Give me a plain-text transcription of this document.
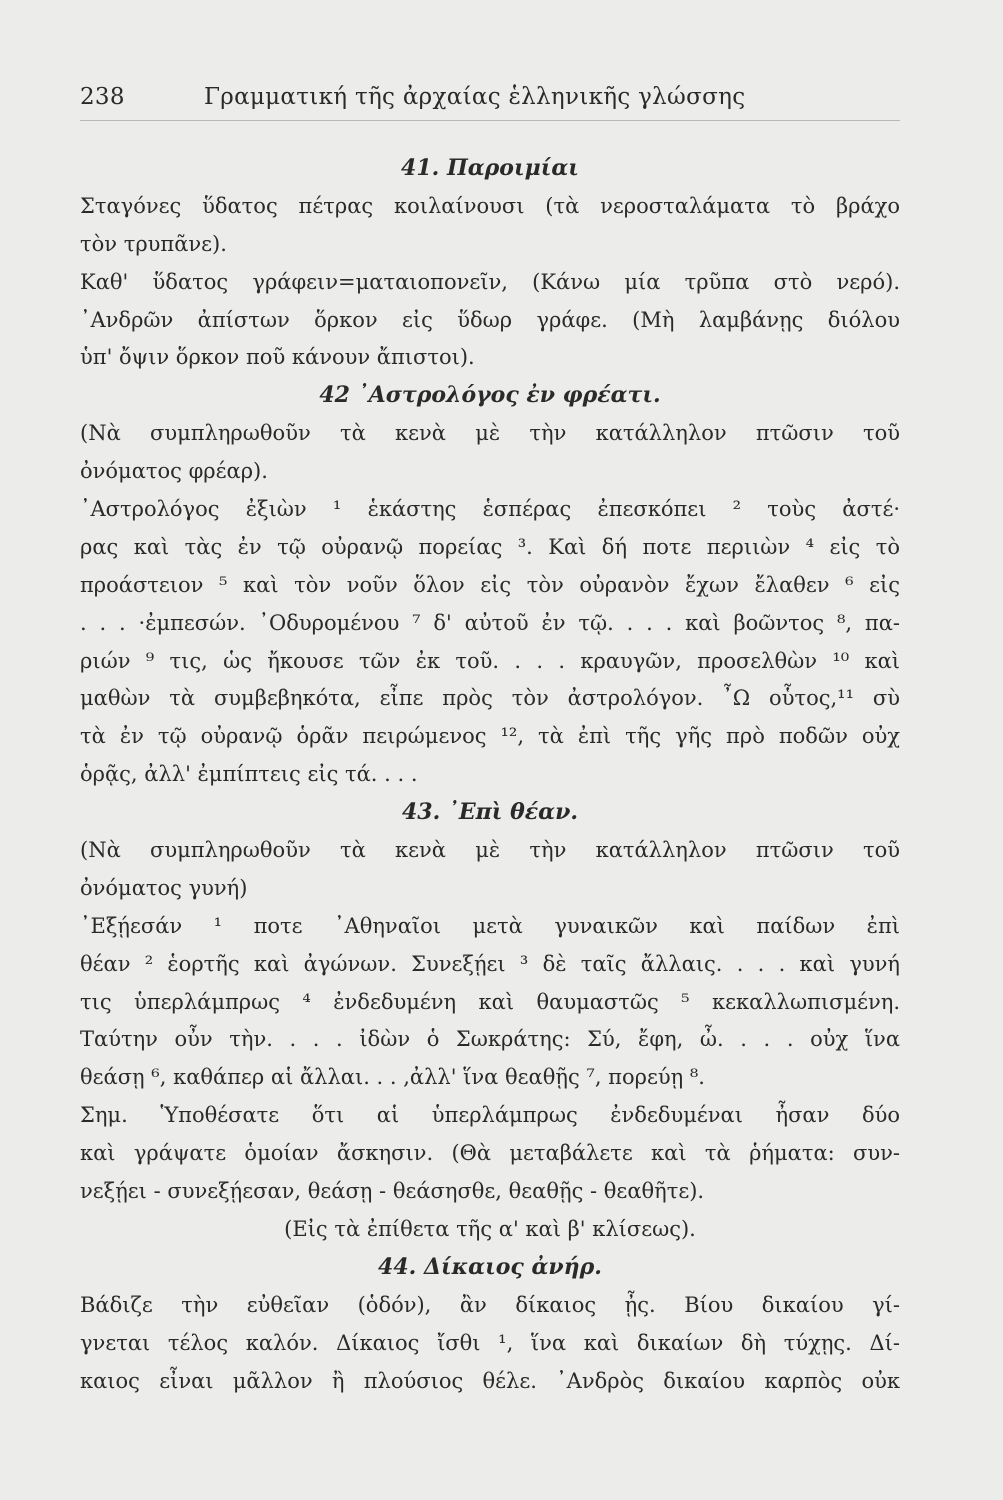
238	Γραμματική τῆς ἀρχαίας ἑλληνικῆς γλώσσης
41. Παροιμίαι
Σταγόνες ὕδατος πέτρας κοιλαίνουσι (τὰ νεροσταλάματα τὸ βράχο
τὸν τρυπᾶνε).
Καθ' ὕδατος γράφειν=ματαιοπονεῖν, (Κάνω μία τρῦπα στὸ νερό).
᾿Ανδρῶν ἀπίστων ὅρκον εἰς ὕδωρ γράφε. (Μὴ λαμβάνῃς διόλου
ὑπ' ὄψιν ὅρκον ποῦ κάνουν ἄπιστοι).
42 ᾿Αστρολόγος ἐν φρέατι.
(Νὰ συμπληρωθοῦν τὰ κενὰ μὲ τὴν κατάλληλον πτῶσιν τοῦ
ὀνόματος φρέαρ).
᾿Αστρολόγος ἐξιὼν ¹ ἑκάστης ἑσπέρας ἐπεσκόπει ² τοὺς ἀστέ·
ρας καὶ τὰς ἐν τῷ οὐρανῷ πορείας ³. Καὶ δή ποτε περιιὼν ⁴ εἰς τὸ
προάστειον ⁵ καὶ τὸν νοῦν ὅλον εἰς τὸν οὐρανὸν ἔχων ἔλαθεν ⁶ εἰς
. . . ·ἐμπεσών. ᾿Οδυρομένου ⁷ δ' αὐτοῦ ἐν τῷ. . . . καὶ βοῶντος ⁸, πα-
ριών ⁹ τις, ὡς ἤκουσε τῶν ἐκ τοῦ. . . . κραυγῶν, προσελθὼν ¹⁰ καὶ
μαθὼν τὰ συμβεβηκότα, εἶπε πρὸς τὸν ἀστρολόγον. ῏Ω οὗτος,¹¹ σὺ
τὰ ἐν τῷ οὐρανῷ ὁρᾶν πειρώμενος ¹², τὰ ἐπὶ τῆς γῆς πρὸ ποδῶν οὐχ
ὁρᾷς, ἀλλ' ἐμπίπτεις εἰς τά. . . .
43. ᾿Επὶ θέαν.
(Νὰ συμπληρωθοῦν τὰ κενὰ μὲ τὴν κατάλληλον πτῶσιν τοῦ
ὀνόματος γυνή)
᾿Εξῄεσάν ¹ ποτε ᾿Αθηναῖοι μετὰ γυναικῶν καὶ παίδων ἐπὶ
θέαν ² ἑορτῆς καὶ ἀγώνων. Συνεξῄει ³ δὲ ταῖς ἄλλαις. . . . καὶ γυνή
τις ὑπερλάμπρως ⁴ ἐνδεδυμένη καὶ θαυμαστῶς ⁵ κεκαλλωπισμένη.
Ταύτην οὖν τὴν. . . . ἰδὼν ὁ Σωκράτης: Σύ, ἔφη, ὦ. . . . οὐχ ἵνα
θεάσῃ ⁶, καθάπερ αἱ ἄλλαι. . . ,ἀλλ' ἵνα θεαθῇς ⁷, πορεύῃ ⁸.
Σημ. Ὑποθέσατε ὅτι αἱ ὑπερλάμπρως ἐνδεδυμέναι ἦσαν δύο
καὶ γράψατε ὁμοίαν ἄσκησιν. (Θὰ μεταβάλετε καὶ τὰ ῥήματα: συν-
νεξῄει - συνεξῄεσαν, θεάσῃ - θεάσησθε, θεαθῇς - θεαθῆτε).
(Εἰς τὰ ἐπίθετα τῆς α' καὶ β' κλίσεως).
44. Δίκαιος ἀνήρ.
Βάδιζε τὴν εὐθεῖαν (ὁδόν), ἂν δίκαιος ᾖς. Βίου δικαίου γί-
γνεται τέλος καλόν. Δίκαιος ἴσθι ¹, ἵνα καὶ δικαίων δὴ τύχῃς. Δί-
καιος εἶναι μᾶλλον ἢ πλούσιος θέλε. ᾿Ανδρὸς δικαίου καρπὸς οὐκ
